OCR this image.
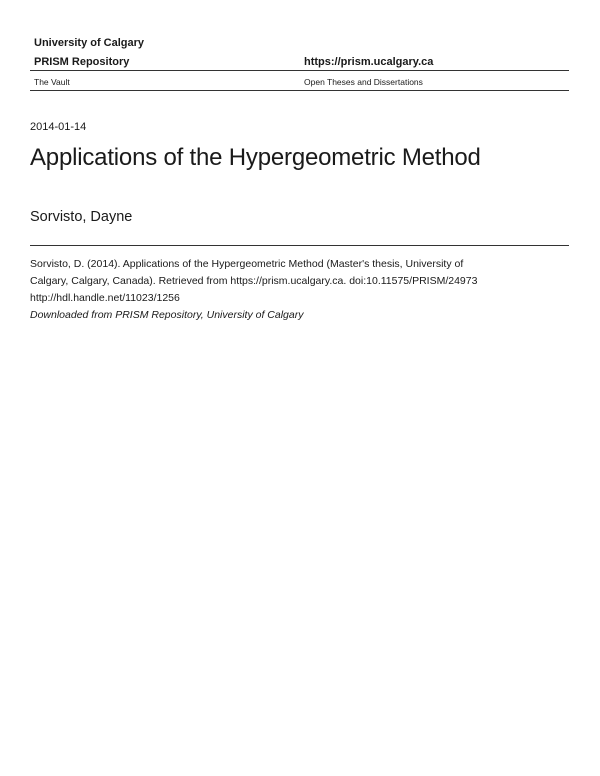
University of Calgary
PRISM Repository	https://prism.ucalgary.ca
The Vault	Open Theses and Dissertations
2014-01-14
Applications of the Hypergeometric Method
Sorvisto, Dayne
Sorvisto, D. (2014). Applications of the Hypergeometric Method (Master's thesis, University of
Calgary, Calgary, Canada). Retrieved from https://prism.ucalgary.ca. doi:10.11575/PRISM/24973
http://hdl.handle.net/11023/1256
Downloaded from PRISM Repository, University of Calgary
